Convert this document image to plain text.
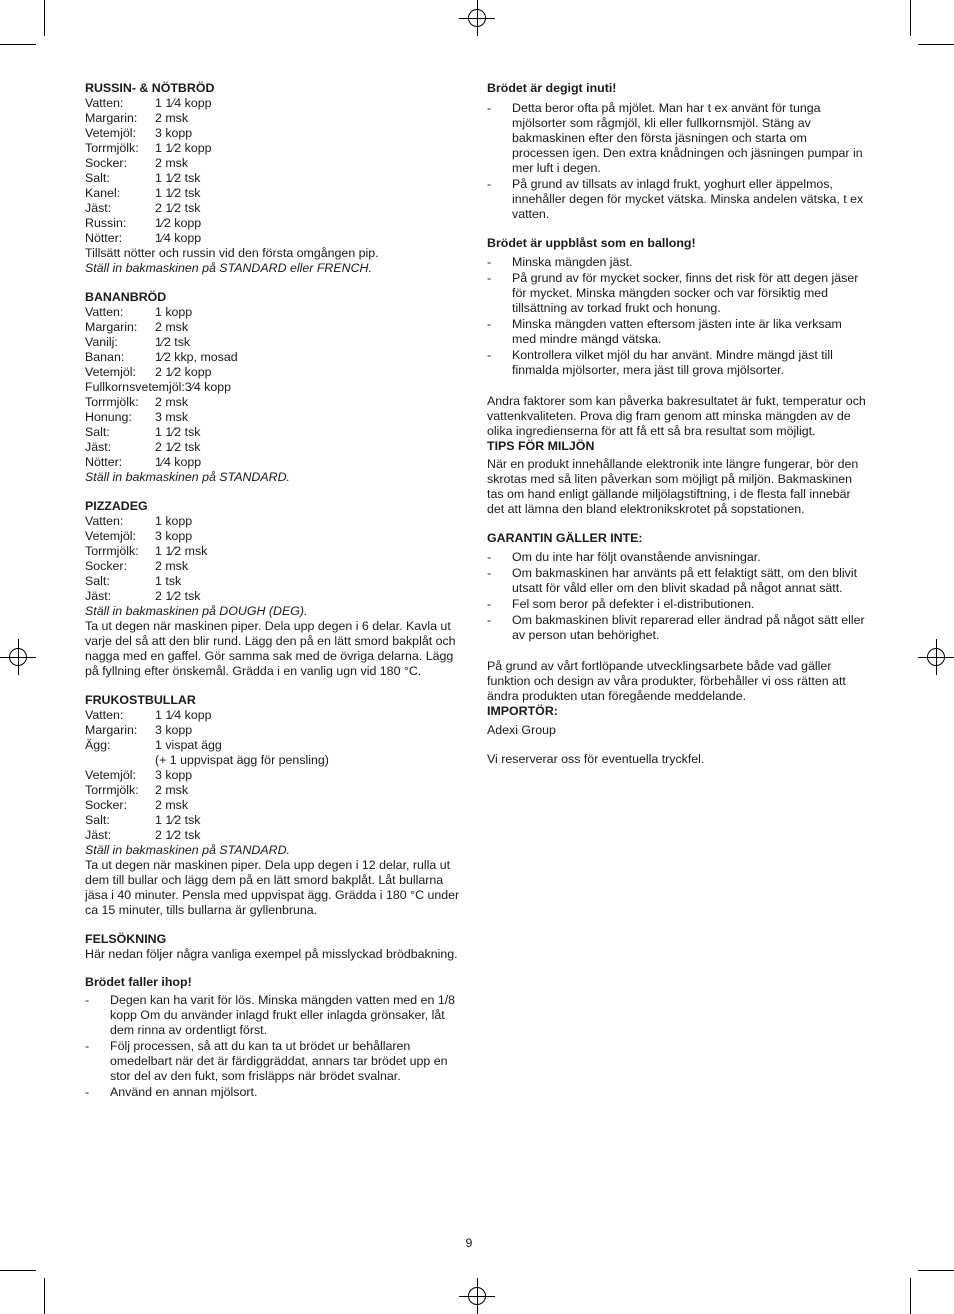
RUSSIN- & NÖTBRÖD
Vatten:	1 1⁄4 kopp
Margarin:	2 msk
Vetemjöl:	3 kopp
Torrmjölk:	1 1⁄2 kopp
Socker:	2 msk
Salt:	1 1⁄2 tsk
Kanel:	1 1⁄2 tsk
Jäst:	2 1⁄2 tsk
Russin:	1⁄2 kopp
Nötter:	1⁄4 kopp
Tillsätt nötter och russin vid den första omgången pip.
Ställ in bakmaskinen på STANDARD eller FRENCH.
BANANBRÖD
Vatten:	1 kopp
Margarin:	2 msk
Vanilj:	1⁄2 tsk
Banan:	1⁄2 kkp, mosad
Vetemjöl:	2 1⁄2 kopp
Fullkornsvetemjöl: 3⁄4 kopp
Torrmjölk:	2 msk
Honung:	3 msk
Salt:	1 1⁄2 tsk
Jäst:	2 1⁄2 tsk
Nötter:	1⁄4 kopp
Ställ in bakmaskinen på STANDARD.
PIZZADEG
Vatten:	1 kopp
Vetemjöl:	3 kopp
Torrmjölk:	1 1⁄2 msk
Socker:	2 msk
Salt:	1 tsk
Jäst:	2 1⁄2 tsk
Ställ in bakmaskinen på DOUGH (DEG).
Ta ut degen när maskinen piper. Dela upp degen i 6 delar. Kavla ut varje del så att den blir rund. Lägg den på en lätt smord bakplåt och nagga med en gaffel. Gör samma sak med de övriga delarna. Lägg på fyllning efter önskemål. Grädda i en vanlig ugn vid 180 °C.
FRUKOSTBULLAR
Vatten:	1 1⁄4 kopp
Margarin:	3 kopp
Ägg:	1 vispat ägg
(+ 1 uppvispat ägg för pensling)
Vetemjöl:	3 kopp
Torrmjölk:	2 msk
Socker:	2 msk
Salt:	1 1⁄2 tsk
Jäst:	2 1⁄2 tsk
Ställ in bakmaskinen på STANDARD.
Ta ut degen när maskinen piper. Dela upp degen i 12 delar, rulla ut dem till bullar och lägg dem på en lätt smord bakplåt. Låt bullarna jäsa i 40 minuter. Pensla med uppvispat ägg. Grädda i 180 °C under ca 15 minuter, tills bullarna är gyllenbruna.
FELSÖKNING
Här nedan följer några vanliga exempel på misslyckad brödbakning.
Brödet faller ihop!
-	Degen kan ha varit för lös. Minska mängden vatten med en 1/8 kopp Om du använder inlagd frukt eller inlagda grönsaker, låt dem rinna av ordentligt först.
-	Följ processen, så att du kan ta ut brödet ur behållaren omedelbart när det är färdiggräddat, annars tar brödet upp en stor del av den fukt, som frisläpps när brödet svalnar.
-	Använd en annan mjölsort.
Brödet är degigt inuti!
-	Detta beror ofta på mjölet. Man har t ex använt för tunga mjölsorter som rågmjöl, kli eller fullkornsmjöl. Stäng av bakmaskinen efter den första jäsningen och starta om processen igen. Den extra knådningen och jäsningen pumpar in mer luft i degen.
-	På grund av tillsats av inlagd frukt, yoghurt eller äppelmos, innehåller degen för mycket vätska. Minska andelen vätska, t ex vatten.
Brödet är uppblåst som en ballong!
-	Minska mängden jäst.
-	På grund av för mycket socker, finns det risk för att degen jäser för mycket. Minska mängden socker och var försiktig med tillsättning av torkad frukt och honung.
-	Minska mängden vatten eftersom jästen inte är lika verksam med mindre mängd vätska.
-	Kontrollera vilket mjöl du har använt. Mindre mängd jäst till finmalda mjölsorter, mera jäst till grova mjölsorter.
Andra faktorer som kan påverka bakresultatet är fukt, temperatur och vattenkvaliteten. Prova dig fram genom att minska mängden av de olika ingredienserna för att få ett så bra resultat som möjligt.
TIPS FÖR MILJÖN
När en produkt innehållande elektronik inte längre fungerar, bör den skrotas med så liten påverkan som möjligt på miljön. Bakmaskinen tas om hand enligt gällande miljölagstiftning, i de flesta fall innebär det att lämna den bland elektronikskrotet på sopstationen.
GARANTIN GÄLLER INTE:
-	Om du inte har följt ovanstående anvisningar.
-	Om bakmaskinen har använts på ett felaktigt sätt, om den blivit utsatt för våld eller om den blivit skadad på något annat sätt.
-	Fel som beror på defekter i el-distributionen.
-	Om bakmaskinen blivit reparerad eller ändrad på något sätt eller av person utan behörighet.
På grund av vårt fortlöpande utvecklingsarbete både vad gäller funktion och design av våra produkter, förbehåller vi oss rätten att ändra produkten utan föregående meddelande.
IMPORTÖR:
Adexi Group
Vi reserverar oss för eventuella tryckfel.
9
